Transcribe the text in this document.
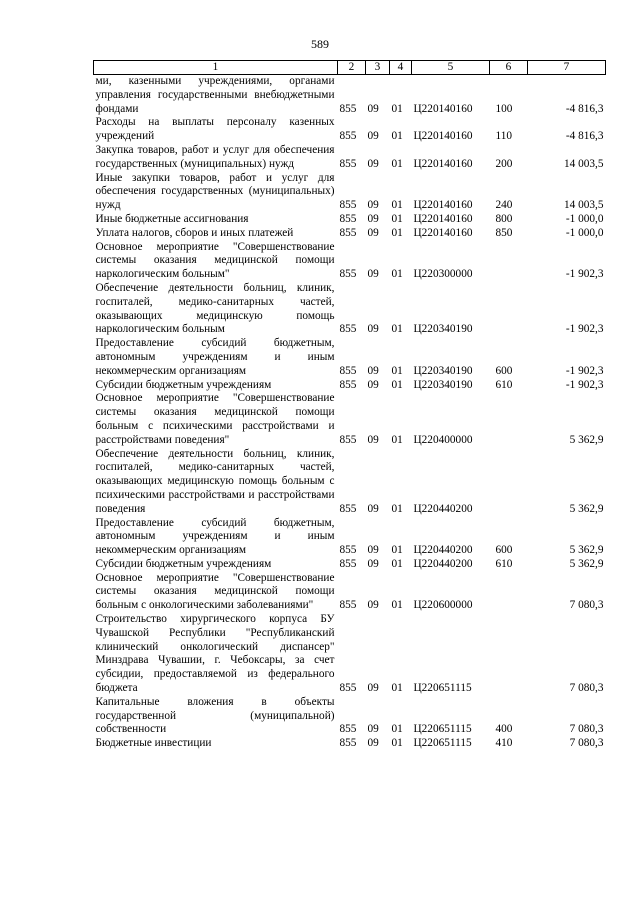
589
1	2	3	4	5	6	7
ми, казенными учреждениями, органами управления государственными внебюджетными фондами	855	09	01	Ц220140160	100	-4 816,3
Расходы на выплаты персоналу казенных учреждений	855	09	01	Ц220140160	110	-4 816,3
Закупка товаров, работ и услуг для обеспечения государственных (муниципальных) нужд	855	09	01	Ц220140160	200	14 003,5
Иные закупки товаров, работ и услуг для обеспечения государственных (муниципальных) нужд	855	09	01	Ц220140160	240	14 003,5
Иные бюджетные ассигнования	855	09	01	Ц220140160	800	-1 000,0
Уплата налогов, сборов и иных платежей	855	09	01	Ц220140160	850	-1 000,0
Основное мероприятие "Совершенствование системы оказания медицинской помощи наркологическим больным"	855	09	01	Ц220300000		-1 902,3
Обеспечение деятельности больниц, клиник, госпиталей, медико-санитарных частей, оказывающих медицинскую помощь наркологическим больным	855	09	01	Ц220340190		-1 902,3
Предоставление субсидий бюджетным, автономным учреждениям и иным некоммерческим организациям	855	09	01	Ц220340190	600	-1 902,3
Субсидии бюджетным учреждениям	855	09	01	Ц220340190	610	-1 902,3
Основное мероприятие "Совершенствование системы оказания медицинской помощи больным с психическими расстройствами и расстройствами поведения"	855	09	01	Ц220400000		5 362,9
Обеспечение деятельности больниц, клиник, госпиталей, медико-санитарных частей, оказывающих медицинскую помощь больным с психическими расстройствами и расстройствами поведения	855	09	01	Ц220440200		5 362,9
Предоставление субсидий бюджетным, автономным учреждениям и иным некоммерческим организациям	855	09	01	Ц220440200	600	5 362,9
Субсидии бюджетным учреждениям	855	09	01	Ц220440200	610	5 362,9
Основное мероприятие "Совершенствование системы оказания медицинской помощи больным с онкологическими заболеваниями"	855	09	01	Ц220600000		7 080,3
Строительство хирургического корпуса БУ Чувашской Республики "Республиканский клинический онкологический диспансер" Минздрава Чувашии, г. Чебоксары, за счет субсидии, предоставляемой из федерального бюджета	855	09	01	Ц220651115		7 080,3
Капитальные вложения в объекты государственной (муниципальной) собственности	855	09	01	Ц220651115	400	7 080,3
Бюджетные инвестиции	855	09	01	Ц220651115	410	7 080,3
